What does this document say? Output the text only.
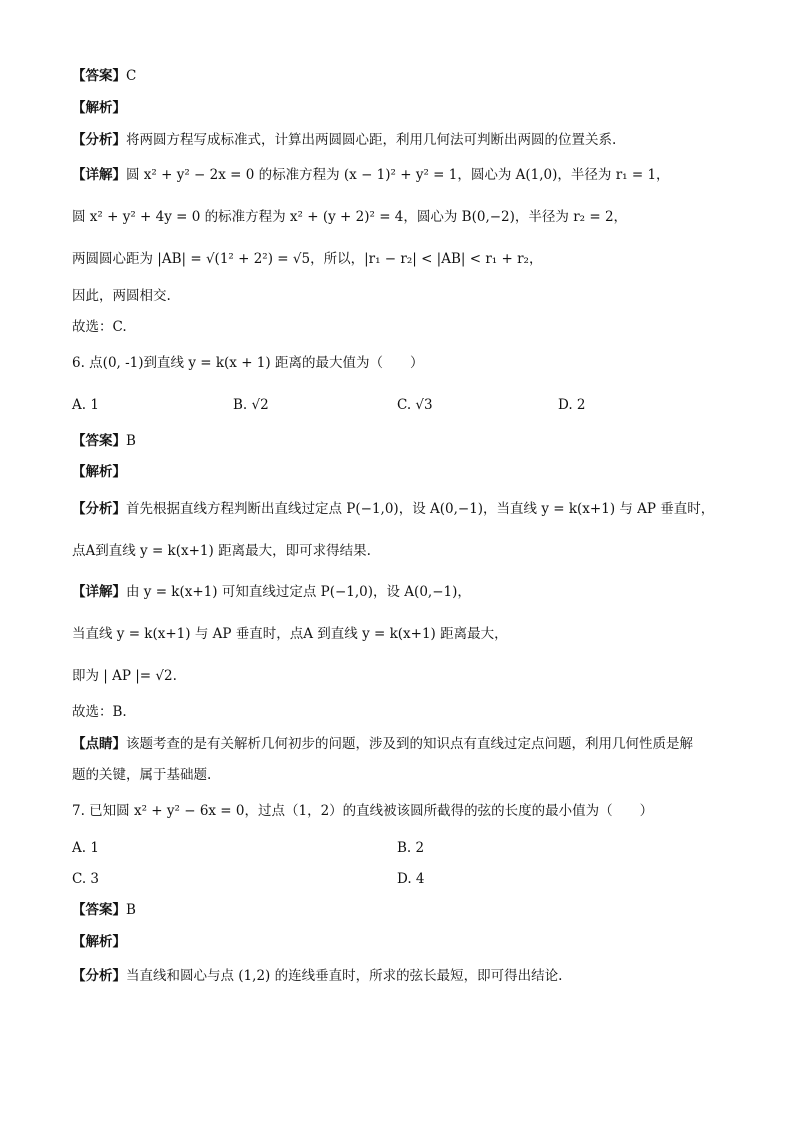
【答案】C
【解析】
【分析】将两圆方程写成标准式，计算出两圆圆心距，利用几何法可判断出两圆的位置关系.
【详解】圆 x² + y² − 2x = 0 的标准方程为 (x − 1)² + y² = 1，圆心为 A(1,0)，半径为 r₁ = 1，
圆 x² + y² + 4y = 0 的标准方程为 x² + (y + 2)² = 4，圆心为 B(0,−2)，半径为 r₂ = 2，
两圆圆心距为 |AB| = √(1² + 2²) = √5，所以，|r₁ − r₂| < |AB| < r₁ + r₂，
因此，两圆相交.
故选：C.
6. 点(0, -1)到直线 y = k(x + 1) 距离的最大值为（　　）
A. 1	B. √2	C. √3	D. 2
【答案】B
【解析】
【分析】首先根据直线方程判断出直线过定点 P(−1,0)，设 A(0,−1)，当直线 y = k(x+1) 与 AP 垂直时，
点A到直线 y = k(x+1) 距离最大，即可求得结果.
【详解】由 y = k(x+1) 可知直线过定点 P(−1,0)，设 A(0,−1)，
当直线 y = k(x+1) 与 AP 垂直时，点A 到直线 y = k(x+1) 距离最大，
即为 | AP |= √2.
故选：B.
【点睛】该题考查的是有关解析几何初步的问题，涉及到的知识点有直线过定点问题，利用几何性质是解
题的关键，属于基础题.
7. 已知圆 x² + y² − 6x = 0，过点（1，2）的直线被该圆所截得的弦的长度的最小值为（　　）
A. 1	B. 2
C. 3	D. 4
【答案】B
【解析】
【分析】当直线和圆心与点 (1,2) 的连线垂直时，所求的弦长最短，即可得出结论.
